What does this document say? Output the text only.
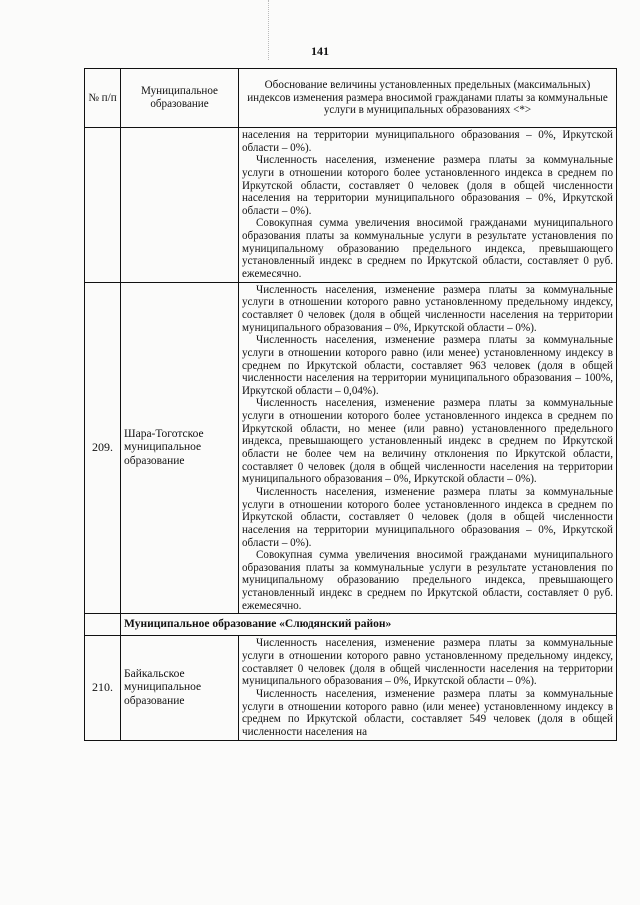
141
№ п/п	Муниципальное образование	Обоснование величины установленных предельных (максимальных) индексов изменения размера вносимой гражданами платы за коммунальные услуги в муниципальных образованиях <*>

		населения на территории муниципального образования – 0%, Иркутской области – 0%).

Численность населения, изменение размера платы за коммунальные услуги в отношении которого более установленного индекса в среднем по Иркутской области, составляет 0 человек (доля в общей численности населения на территории муниципального образования – 0%, Иркутской области – 0%).

Совокупная сумма увеличения вносимой гражданами муниципального образования платы за коммунальные услуги в результате установления по муниципальному образованию предельного индекса, превышающего установленный индекс в среднем по Иркутской области, составляет 0 руб. ежемесячно.

209.	Шара-Тоготское муниципальное образование	Численность населения, изменение размера платы за коммунальные услуги в отношении которого равно установленному предельному индексу, составляет 0 человек (доля в общей численности населения на территории муниципального образования – 0%, Иркутской области – 0%).

Численность населения, изменение размера платы за коммунальные услуги в отношении которого равно (или менее) установленному индексу в среднем по Иркутской области, составляет 963 человек (доля в общей численности населения на территории муниципального образования – 100%, Иркутской области – 0,04%).

Численность населения, изменение размера платы за коммунальные услуги в отношении которого более установленного индекса в среднем по Иркутской области, но менее (или равно) установленного предельного индекса, превышающего установленный индекс в среднем по Иркутской области не более чем на величину отклонения по Иркутской области, составляет 0 человек (доля в общей численности населения на территории муниципального образования – 0%, Иркутской области – 0%).

Численность населения, изменение размера платы за коммунальные услуги в отношении которого более установленного индекса в среднем по Иркутской области, составляет 0 человек (доля в общей численности населения на территории муниципального образования – 0%, Иркутской области – 0%).

Совокупная сумма увеличения вносимой гражданами муниципального образования платы за коммунальные услуги в результате установления по муниципальному образованию предельного индекса, превышающего установленный индекс в среднем по Иркутской области, составляет 0 руб. ежемесячно.

	Муниципальное образование «Слюдянский район»	
210.	Байкальское муниципальное образование	Численность населения, изменение размера платы за коммунальные услуги в отношении которого равно установленному предельному индексу, составляет 0 человек (доля в общей численности населения на территории муниципального образования – 0%, Иркутской области – 0%).

Численность населения, изменение размера платы за коммунальные услуги в отношении которого равно (или менее) установленному индексу в среднем по Иркутской области, составляет 549 человек (доля в общей численности населения на
